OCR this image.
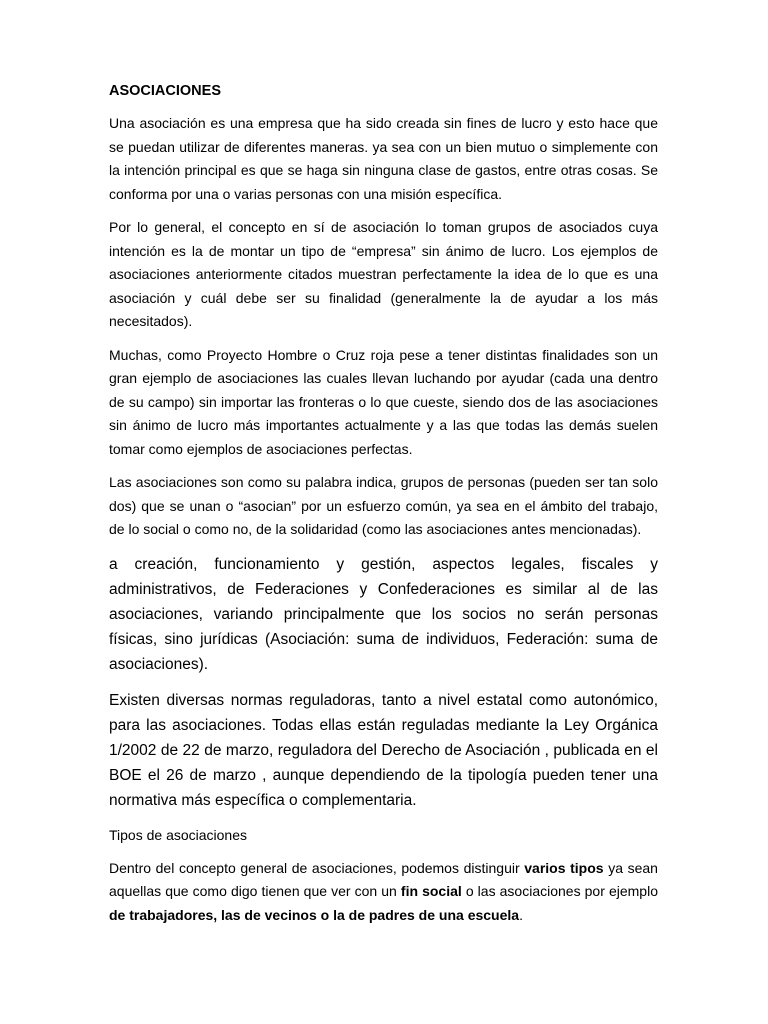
ASOCIACIONES

Una asociación es una empresa que ha sido creada sin fines de lucro y esto hace que se puedan utilizar de diferentes maneras. ya sea con un bien mutuo o simplemente con la intención principal es que se haga sin ninguna clase de gastos, entre otras cosas. Se conforma por una o varias personas con una misión específica.

Por lo general, el concepto en sí de asociación lo toman grupos de asociados cuya intención es la de montar un tipo de “empresa” sin ánimo de lucro. Los ejemplos de asociaciones anteriormente citados muestran perfectamente la idea de lo que es una asociación y cuál debe ser su finalidad (generalmente la de ayudar a los más necesitados).

Muchas, como Proyecto Hombre o Cruz roja pese a tener distintas finalidades son un gran ejemplo de asociaciones las cuales llevan luchando por ayudar (cada una dentro de su campo) sin importar las fronteras o lo que cueste, siendo dos de las asociaciones sin ánimo de lucro más importantes actualmente y a las que todas las demás suelen tomar como ejemplos de asociaciones perfectas.

Las asociaciones son como su palabra indica, grupos de personas (pueden ser tan solo dos) que se unan o “asocian” por un esfuerzo común, ya sea en el ámbito del trabajo, de lo social o como no, de la solidaridad (como las asociaciones antes mencionadas).

a creación, funcionamiento y gestión, aspectos legales, fiscales y administrativos, de Federaciones y Confederaciones es similar al de las asociaciones, variando principalmente que los socios no serán personas físicas, sino jurídicas (Asociación: suma de individuos, Federación: suma de asociaciones).

Existen diversas normas reguladoras, tanto a nivel estatal como autonómico, para las asociaciones. Todas ellas están reguladas mediante la Ley Orgánica 1/2002 de 22 de marzo, reguladora del Derecho de Asociación , publicada en el BOE el 26 de marzo , aunque dependiendo de la tipología pueden tener una normativa más específica o complementaria.

Tipos de asociaciones

Dentro del concepto general de asociaciones, podemos distinguir varios tipos ya sean aquellas que como digo tienen que ver con un fin social o las asociaciones por ejemplo de trabajadores, las de vecinos o la de padres de una escuela.
